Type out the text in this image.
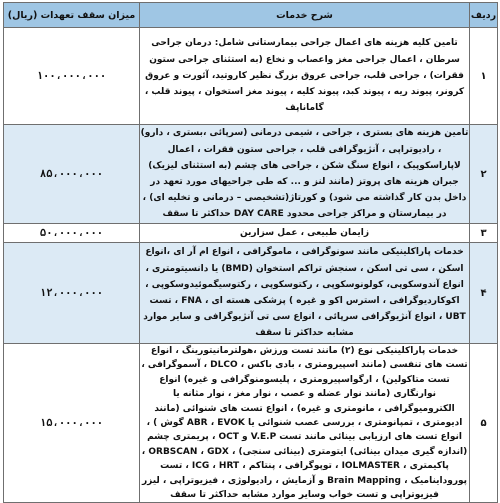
ردیف	شرح خدمات	میزان سقف تعهدات (ریال)
۱	تامین کلیه هزینه های اعمال جراحی بیمارستانی شامل: درمان جراحی سرطان ، اعمال جراحی مغز واعصاب و نخاع (به استثنای جراحی ستون فقرات) ، جراحی قلب، جراحی عروق بزرگ نظیر کاروتید، آئورت و عروق کرونر، پیوند ریه ، پیوند کبد، پیوند کلیه ، پیوند مغز استخوان ، پیوند قلب ، گاماناپف	۱۰۰،۰۰۰،۰۰۰
۲	تامین هزینه های بستری ، جراحی ، شیمی درمانی (سرپائی ،بستری ، دارو) ، رادیوتراپی ، آنژیوگرافی قلب ، جراحی ستون فقرات ، اعمال لاپاراسکوپیک ، انواع سنگ شکن ، جراحی های چشم (به استثنای لیزیک) جبران هزینه های پروتز (مانند لنز و ... که طی جراحیهای مورد تعهد در داخل بدن کار گذاشته می شود) و کورتاژ(تشخیصی – درمانی و تخلیه ای) ، در بیمارستان و مراکز جراحی محدود DAY CARE حداکثر تا سقف	۸۵،۰۰۰،۰۰۰
۳	زایمان طبیعی ، عمل سزارین	۵۰،۰۰۰،۰۰۰
۴	خدمات پاراکلینیکی مانند سونوگرافی ، ماموگرافی ، انواع ام آر ای ،انواع اسکن ، سی تی اسکن ، سنجش تراکم استخوان (BMD) یا دانسیتومتری ، انواع آندوسکوپی، کولونوسکوپی ، رکتوسکوپی ، رکتوسیگموئیدوسکوپی ، اکوکاردیوگرافی ، استرس اکو و غیره ) پزشکی هسته ای ، FNA ، تست UBT ، انواع آنژیوگرافی سرپائی ، انواع سی تی آنژیوگرافی و سایر موارد مشابه حداکثر تا سقف	۱۲،۰۰۰،۰۰۰
۵	خدمات پاراکلینیکی نوع (۲) مانند تست ورزش ،هولترمانیتورینگ ، انواع تست های تنفسی (مانند اسپیرومتری ، بادی باکس ، DLCO ، آسموگرافی ، تست متاکولین) ، ارگواسپیرومتری ، پلیسومنوگرافی و غیره) انواع نوارنگاری (مانند نوار عضله و عصب ، نوار مغز ، نوار مثانه یا الکترومیوگرافی ، مانومتری و غیره) ، انواع تست های شنوائی (مانند ادیومتری ، تمپانومتری ، بررسی عصب شنوائی یا ABR ، EVOK گوش ) ، انواع تست های ارزیابی بینائی مانند تست V.E.P و OCT ، پریمتری چشم (اندازه گیری میدان بینائی) ایتومتری (بینائی سنجی) ، ORBSCAN ، GDX ، پاکیمتری ، IOLMASTER ، توپوگرافی ، پنتاکم ، ICG ، HRT ، تست پوروداینامیک ، Brain Mapping و آزمایش ، رادیولوژی ، فیزیوتراپی ، لیزر فیزیوتراپی و تست خواب وسایر موارد مشابه حداکثر تا سقف	۱۵،۰۰۰،۰۰۰
